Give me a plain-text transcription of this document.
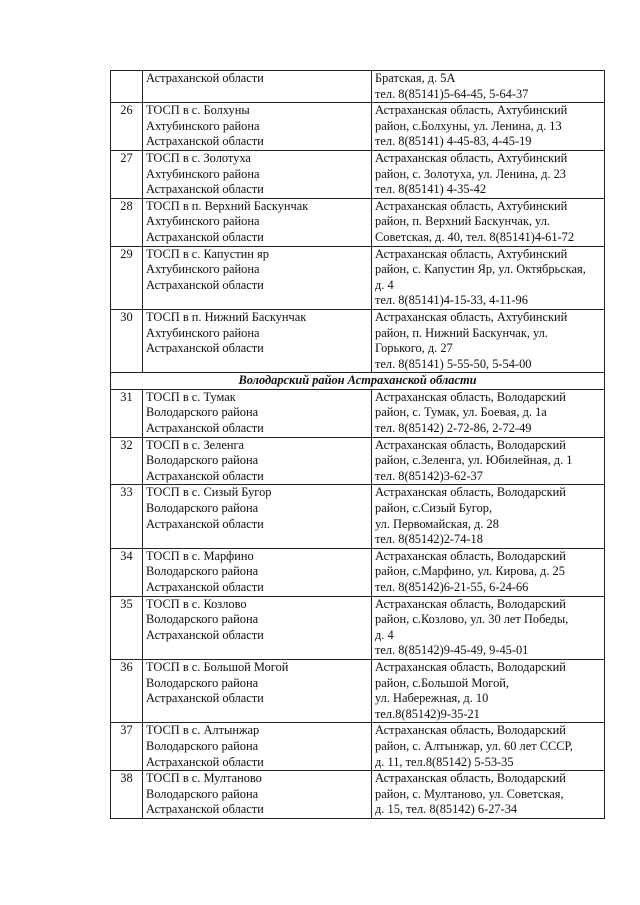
	Астраханской области	Братская, д. 5А
тел. 8(85141)5-64-45, 5-64-37

26	ТОСП в с. Болхуны
Ахтубинского района
Астраханской области	Астраханская область, Ахтубинский
район, с.Болхуны, ул. Ленина, д. 13
тел. 8(85141) 4-45-83, 4-45-19

27	ТОСП в с. Золотуха
Ахтубинского района
Астраханской области	Астраханская область, Ахтубинский
район, с. Золотуха, ул. Ленина, д. 23
тел. 8(85141) 4-35-42

28	ТОСП в п. Верхний Баскунчак
Ахтубинского района
Астраханской области	Астраханская область, Ахтубинский
район, п. Верхний Баскунчак, ул.
Советская, д. 40, тел. 8(85141)4-61-72

29	ТОСП в с. Капустин яр
Ахтубинского района
Астраханской области	Астраханская область, Ахтубинский
район, с. Капустин Яр, ул. Октябрьская,
д. 4
тел. 8(85141)4-15-33, 4-11-96

30	ТОСП в п. Нижний Баскунчак
Ахтубинского района
Астраханской области	Астраханская область, Ахтубинский
район, п. Нижний Баскунчак, ул.
Горького, д. 27
тел. 8(85141) 5-55-50, 5-54-00

Володарский район Астраханской области		
31	ТОСП в с. Тумак
Володарского района
Астраханской области	Астраханская область, Володарский
район, с. Тумак, ул. Боевая, д. 1а
тел. 8(85142) 2-72-86, 2-72-49

32	ТОСП в с. Зеленга
Володарского района
Астраханской области	Астраханская область, Володарский
район, с.Зеленга, ул. Юбилейная, д. 1
тел. 8(85142)3-62-37

33	ТОСП в с. Сизый Бугор
Володарского района
Астраханской области	Астраханская область, Володарский
район, с.Сизый Бугор,
ул. Первомайская, д. 28
тел. 8(85142)2-74-18

34	ТОСП в с. Марфино
Володарского района
Астраханской области	Астраханская область, Володарский
район, с.Марфино, ул. Кирова, д. 25
тел. 8(85142)6-21-55, 6-24-66

35	ТОСП в с. Козлово
Володарского района
Астраханской области	Астраханская область, Володарский
район, с.Козлово, ул. 30 лет Победы,
д. 4
тел. 8(85142)9-45-49, 9-45-01

36	ТОСП в с. Большой Могой
Володарского района
Астраханской области	Астраханская область, Володарский
район, с.Большой Могой,
ул. Набережная, д. 10
тел.8(85142)9-35-21

37	ТОСП в с. Алтынжар
Володарского района
Астраханской области	Астраханская область, Володарский
район, с. Алтынжар, ул. 60 лет СССР,
д. 11, тел.8(85142) 5-53-35

38	ТОСП в с. Мултаново
Володарского района
Астраханской области	Астраханская область, Володарский
район, с. Мултаново, ул. Советская,
д. 15, тел. 8(85142) 6-27-34
